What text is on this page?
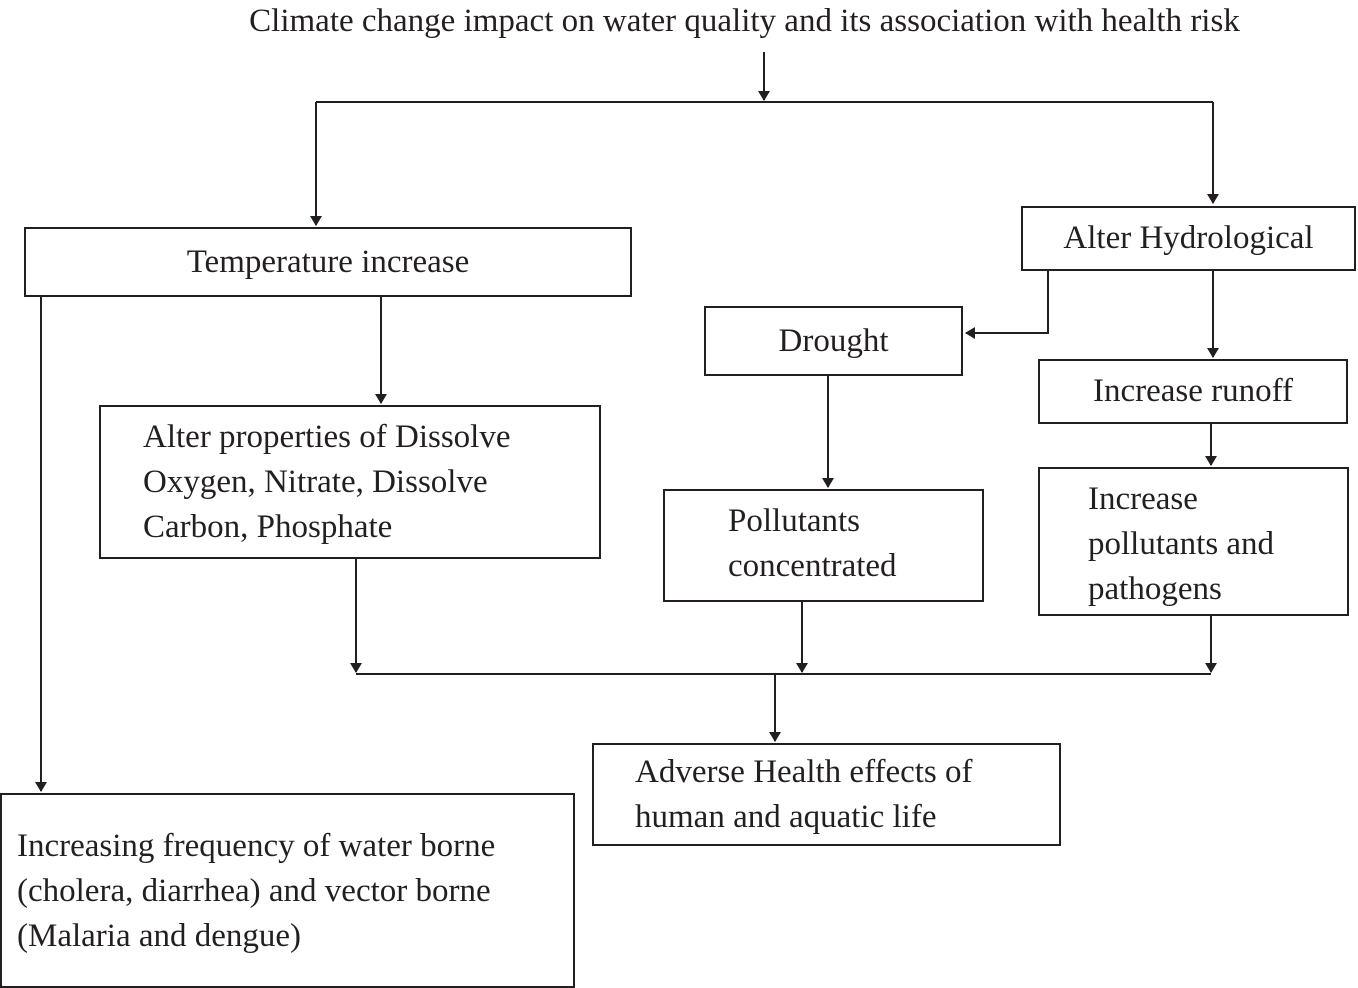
Climate change impact on water quality and its association with health risk
Temperature increase
Alter Hydrological
Drought
Increase runoff
Alter properties of Dissolve
Oxygen, Nitrate, Dissolve
Carbon, Phosphate	Pollutants
concentrated
Increase
pollutants and
pathogens
Adverse Health effects of
human and aquatic life
Increasing frequency of water borne
(cholera, diarrhea) and vector borne
(Malaria and dengue)
